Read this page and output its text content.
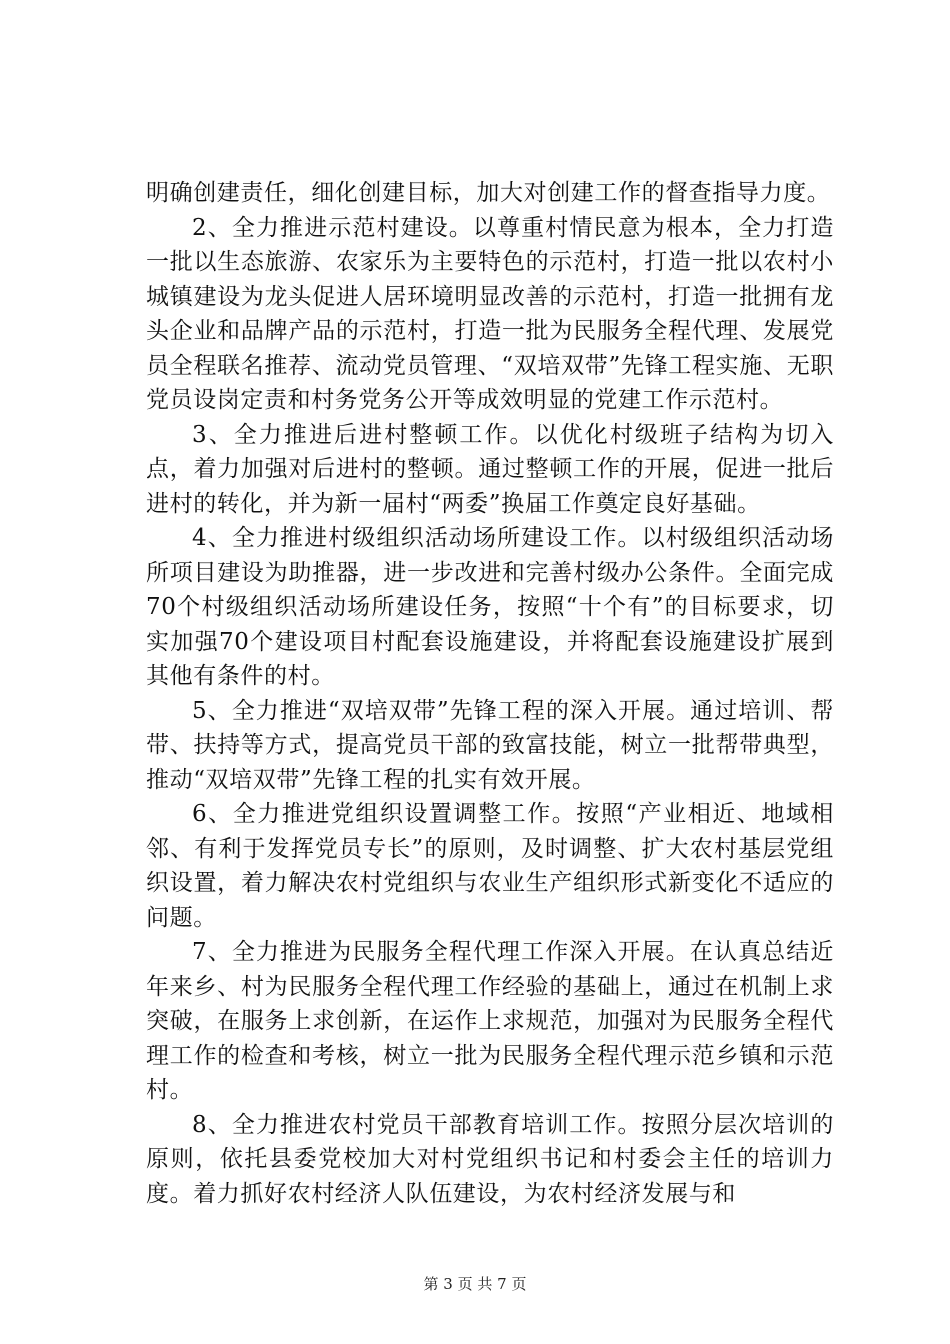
明确创建责任，细化创建目标，加大对创建工作的督查指导力度。

2、全力推进示范村建设。以尊重村情民意为根本，全力打造一批以生态旅游、农家乐为主要特色的示范村，打造一批以农村小城镇建设为龙头促进人居环境明显改善的示范村，打造一批拥有龙头企业和品牌产品的示范村，打造一批为民服务全程代理、发展党员全程联名推荐、流动党员管理、“双培双带”先锋工程实施、无职党员设岗定责和村务党务公开等成效明显的党建工作示范村。

3、全力推进后进村整顿工作。以优化村级班子结构为切入点，着力加强对后进村的整顿。通过整顿工作的开展，促进一批后进村的转化，并为新一届村“两委”换届工作奠定良好基础。

4、全力推进村级组织活动场所建设工作。以村级组织活动场所项目建设为助推器，进一步改进和完善村级办公条件。全面完成70个村级组织活动场所建设任务，按照“十个有”的目标要求，切实加强70个建设项目村配套设施建设，并将配套设施建设扩展到其他有条件的村。

5、全力推进“双培双带”先锋工程的深入开展。通过培训、帮带、扶持等方式，提高党员干部的致富技能，树立一批帮带典型，推动“双培双带”先锋工程的扎实有效开展。

6、全力推进党组织设置调整工作。按照“产业相近、地域相邻、有利于发挥党员专长”的原则，及时调整、扩大农村基层党组织设置，着力解决农村党组织与农业生产组织形式新变化不适应的问题。

7、全力推进为民服务全程代理工作深入开展。在认真总结近年来乡、村为民服务全程代理工作经验的基础上，通过在机制上求突破，在服务上求创新，在运作上求规范，加强对为民服务全程代理工作的检查和考核，树立一批为民服务全程代理示范乡镇和示范村。

8、全力推进农村党员干部教育培训工作。按照分层次培训的原则，依托县委党校加大对村党组织书记和村委会主任的培训力度。着力抓好农村经济人队伍建设，为农村经济发展与和

第 3 页 共 7 页
